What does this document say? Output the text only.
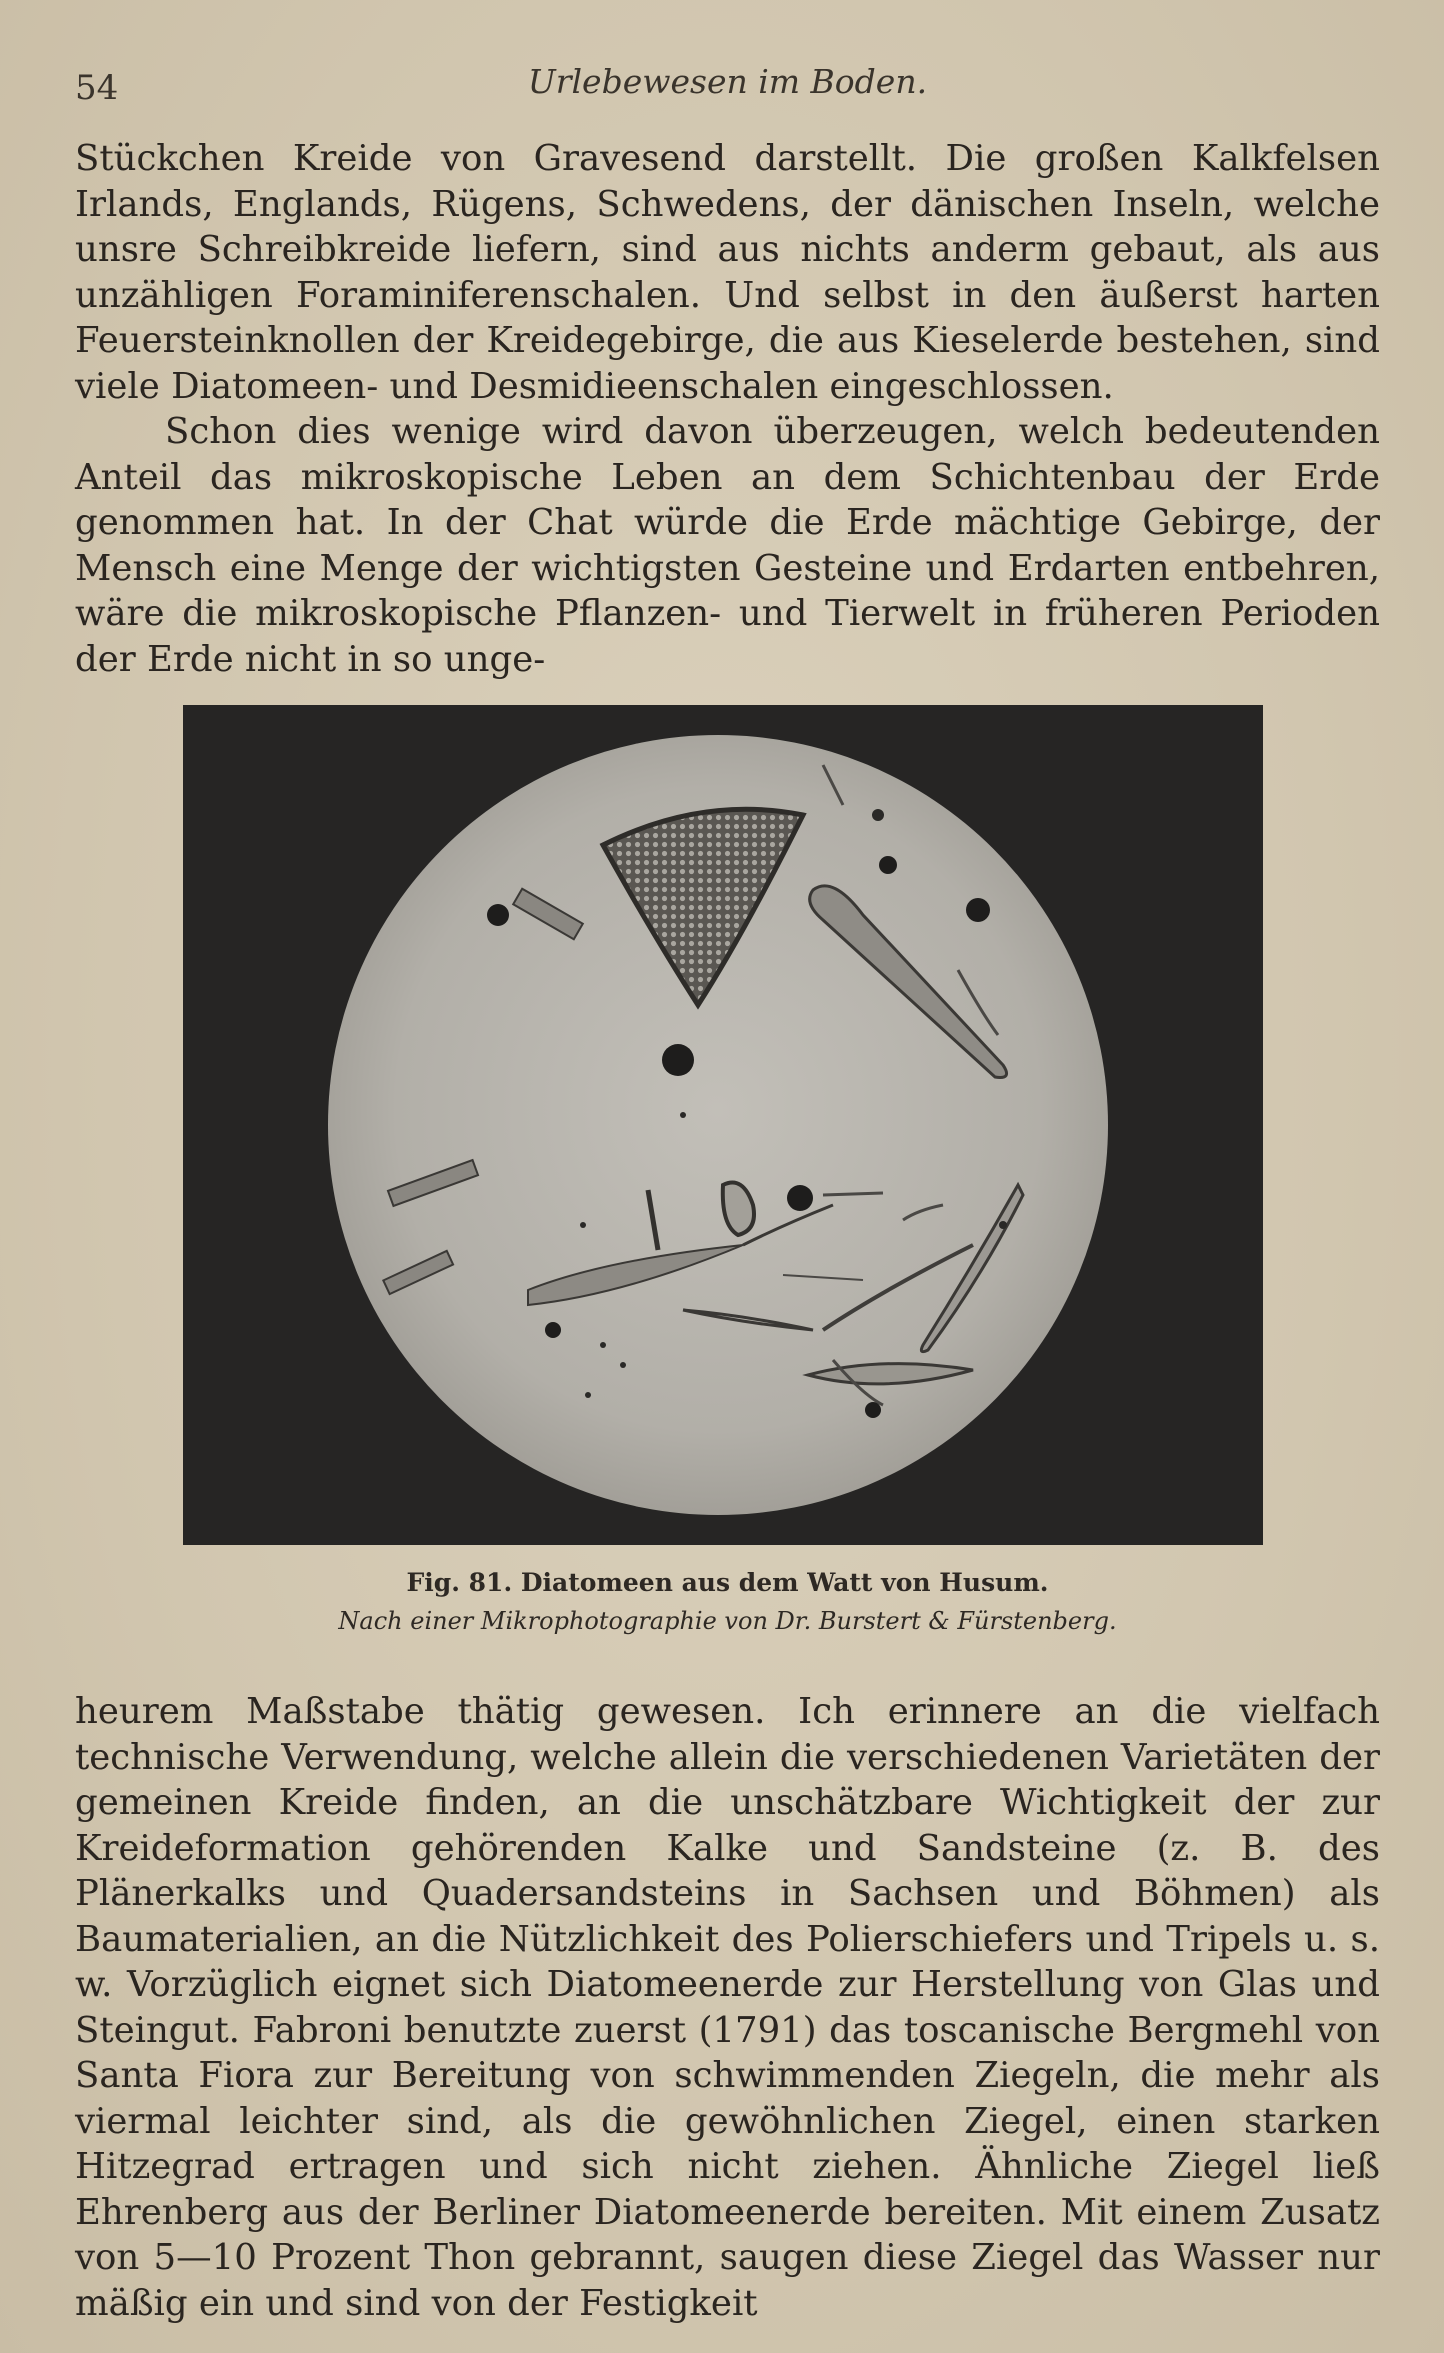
54	Urlebewesen im Boden.

Stückchen Kreide von Gravesend darstellt. Die großen Kalkfelsen Irlands, Englands, Rügens, Schwedens, der dänischen Inseln, welche unsre Schreibkreide liefern, sind aus nichts anderm gebaut, als aus unzähligen Foraminiferenschalen. Und selbst in den äußerst harten Feuersteinknollen der Kreidegebirge, die aus Kieselerde bestehen, sind viele Diatomeen- und Desmidieenschalen eingeschlossen.

Schon dies wenige wird davon überzeugen, welch bedeutenden Anteil das mikroskopische Leben an dem Schichtenbau der Erde genommen hat. In der Chat würde die Erde mächtige Gebirge, der Mensch eine Menge der wichtigsten Gesteine und Erdarten entbehren, wäre die mikroskopische Pflanzen- und Tierwelt in früheren Perioden der Erde nicht in so unge-

Fig. 81. Diatomeen aus dem Watt von Husum.
Nach einer Mikrophotographie von Dr. Burstert & Fürstenberg.

heurem Maßstabe thätig gewesen. Ich erinnere an die vielfach technische Verwendung, welche allein die verschiedenen Varietäten der gemeinen Kreide finden, an die unschätzbare Wichtigkeit der zur Kreideformation gehörenden Kalke und Sandsteine (z. B. des Plänerkalks und Quadersandsteins in Sachsen und Böhmen) als Baumaterialien, an die Nützlichkeit des Polierschiefers und Tripels u. s. w. Vorzüglich eignet sich Diatomeenerde zur Herstellung von Glas und Steingut. Fabroni benutzte zuerst (1791) das toscanische Bergmehl von Santa Fiora zur Bereitung von schwimmenden Ziegeln, die mehr als viermal leichter sind, als die gewöhnlichen Ziegel, einen starken Hitzegrad ertragen und sich nicht ziehen. Ähnliche Ziegel ließ Ehrenberg aus der Berliner Diatomeenerde bereiten. Mit einem Zusatz von 5—10 Prozent Thon gebrannt, saugen diese Ziegel das Wasser nur mäßig ein und sind von der Festigkeit
